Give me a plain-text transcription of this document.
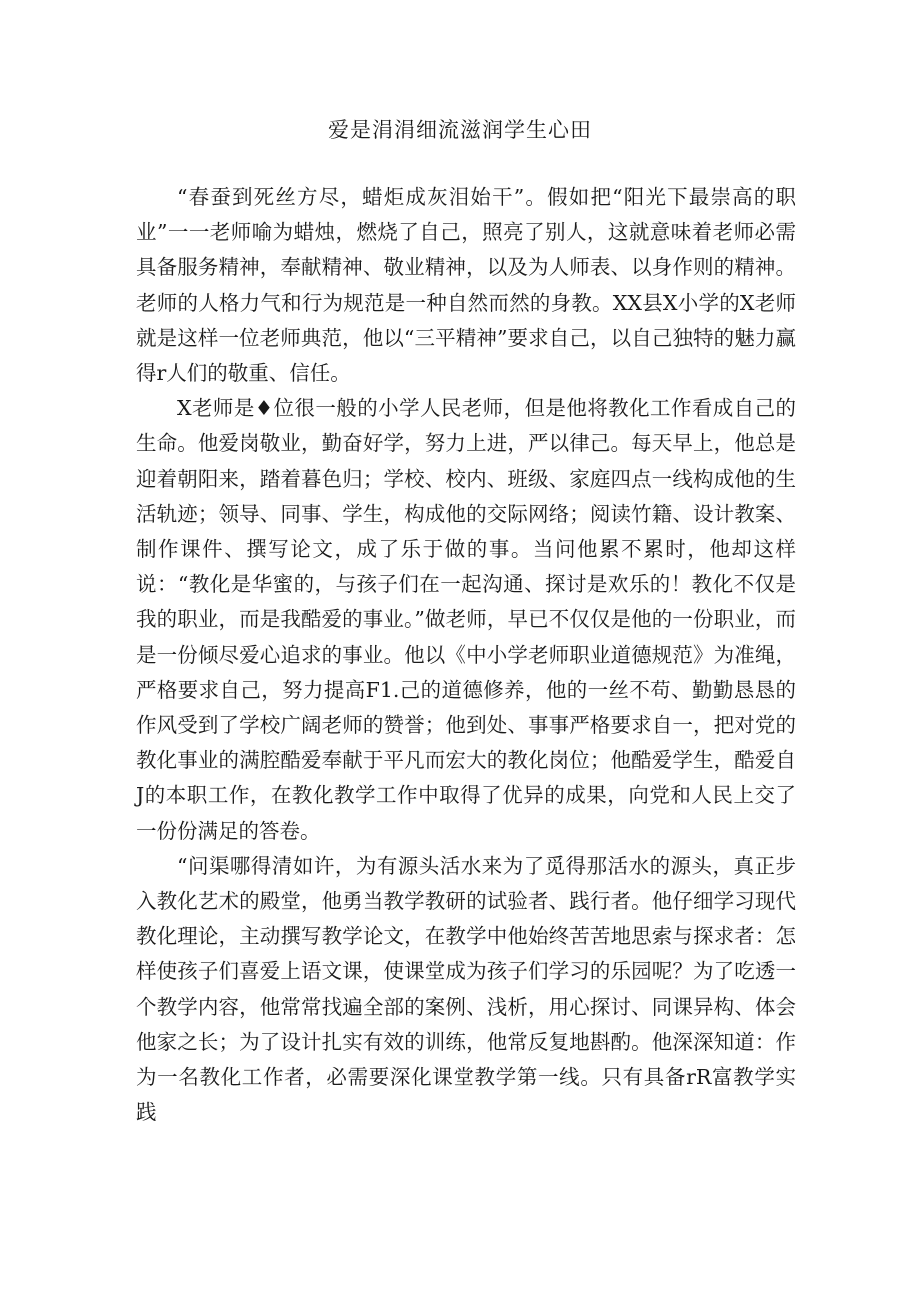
爱是涓涓细流滋润学生心田

“春蚕到死丝方尽，蜡炬成灰泪始干”。假如把“阳光下最崇高的职业”一一老师喻为蜡烛，燃烧了自己，照亮了别人，这就意味着老师必需具备服务精神，奉献精神、敬业精神，以及为人师表、以身作则的精神。老师的人格力气和行为规范是一种自然而然的身教。XX县X小学的X老师就是这样一位老师典范，他以“三平精神”要求自己，以自己独特的魅力赢得r人们的敬重、信任。

X老师是♦位很一般的小学人民老师，但是他将教化工作看成自己的生命。他爱岗敬业，勤奋好学，努力上进，严以律己。每天早上，他总是迎着朝阳来，踏着暮色归；学校、校内、班级、家庭四点一线构成他的生活轨迹；领导、同事、学生，构成他的交际网络；阅读竹籍、设计教案、制作课件、撰写论文，成了乐于做的事。当问他累不累时，他却这样说：“教化是华蜜的，与孩子们在一起沟通、探讨是欢乐的！教化不仅是我的职业，而是我酷爱的事业。”做老师，早已不仅仅是他的一份职业，而是一份倾尽爱心追求的事业。他以《中小学老师职业道德规范》为准绳，严格要求自己，努力提高F1.己的道德修养，他的一丝不苟、勤勤恳恳的作风受到了学校广阔老师的赞誉；他到处、事事严格要求自一，把对党的教化事业的满腔酷爱奉献于平凡而宏大的教化岗位；他酷爱学生，酷爱自J的本职工作，在教化教学工作中取得了优异的成果，向党和人民上交了一份份满足的答卷。

“问渠哪得清如许，为有源头活水来为了觅得那活水的源头，真正步入教化艺术的殿堂，他勇当教学教研的试验者、践行者。他仔细学习现代教化理论，主动撰写教学论文，在教学中他始终苦苦地思索与探求者：怎样使孩子们喜爱上语文课，使课堂成为孩子们学习的乐园呢？为了吃透一个教学内容，他常常找遍全部的案例、浅析，用心探讨、同课异构、体会他家之长；为了设计扎实有效的训练，他常反复地斟酌。他深深知道：作为一名教化工作者，必需要深化课堂教学第一线。只有具备rR富教学实践
